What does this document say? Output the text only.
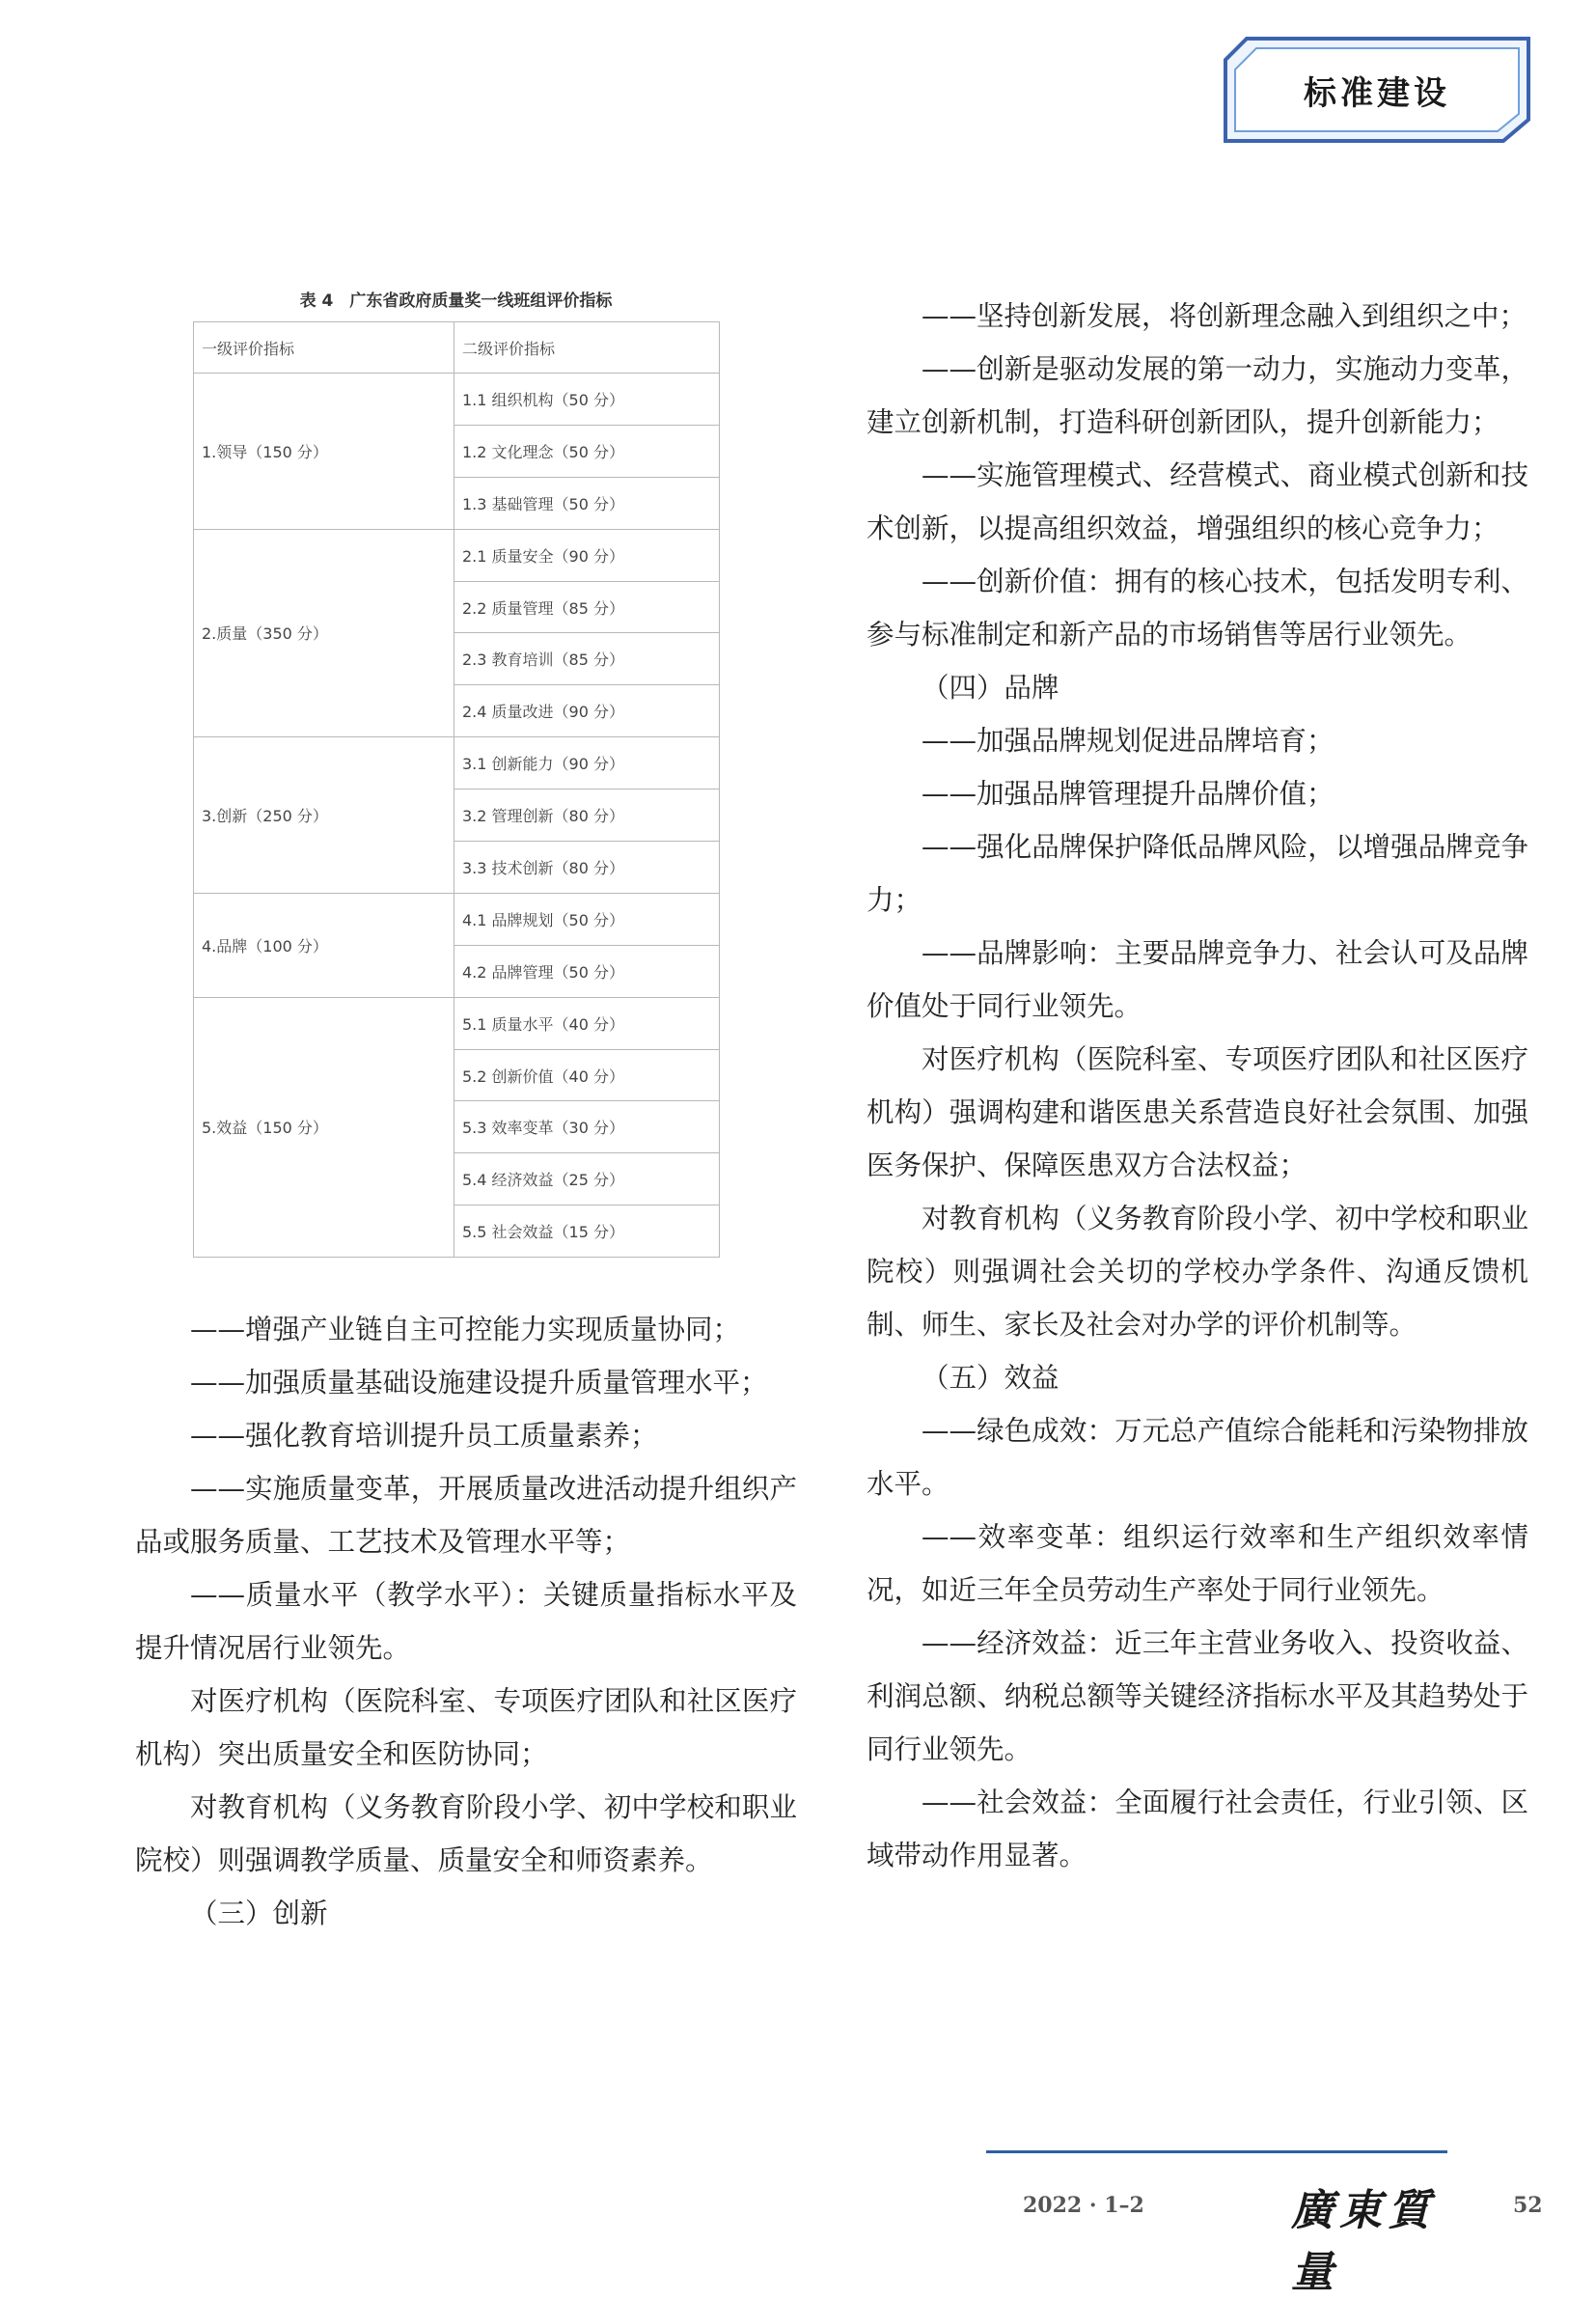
标准建设
表 4　广东省政府质量奖一线班组评价指标
一级评价指标	二级评价指标
1.领导（150 分）	1.1 组织机构（50 分）
	1.2 文化理念（50 分）
	1.3 基础管理（50 分）
2.质量（350 分）	2.1 质量安全（90 分）
	2.2 质量管理（85 分）
	2.3 教育培训（85 分）
	2.4 质量改进（90 分）
3.创新（250 分）	3.1 创新能力（90 分）
	3.2 管理创新（80 分）
	3.3 技术创新（80 分）
4.品牌（100 分）	4.1 品牌规划（50 分）
	4.2 品牌管理（50 分）
5.效益（150 分）	5.1 质量水平（40 分）
	5.2 创新价值（40 分）
	5.3 效率变革（30 分）
	5.4 经济效益（25 分）
	5.5 社会效益（15 分）

——增强产业链自主可控能力实现质量协同；

——加强质量基础设施建设提升质量管理水平；

——强化教育培训提升员工质量素养；

——实施质量变革，开展质量改进活动提升组织产品或服务质量、工艺技术及管理水平等；

——质量水平（教学水平）：关键质量指标水平及提升情况居行业领先。

对医疗机构（医院科室、专项医疗团队和社区医疗机构）突出质量安全和医防协同；

对教育机构（义务教育阶段小学、初中学校和职业院校）则强调教学质量、质量安全和师资素养。

（三）创新

——坚持创新发展，将创新理念融入到组织之中；

——创新是驱动发展的第一动力，实施动力变革，建立创新机制，打造科研创新团队，提升创新能力；

——实施管理模式、经营模式、商业模式创新和技术创新，以提高组织效益，增强组织的核心竞争力；

——创新价值：拥有的核心技术，包括发明专利、参与标准制定和新产品的市场销售等居行业领先。

（四）品牌

——加强品牌规划促进品牌培育；

——加强品牌管理提升品牌价值；

——强化品牌保护降低品牌风险，以增强品牌竞争力；

——品牌影响：主要品牌竞争力、社会认可及品牌价值处于同行业领先。

对医疗机构（医院科室、专项医疗团队和社区医疗机构）强调构建和谐医患关系营造良好社会氛围、加强医务保护、保障医患双方合法权益；

对教育机构（义务教育阶段小学、初中学校和职业院校）则强调社会关切的学校办学条件、沟通反馈机制、师生、家长及社会对办学的评价机制等。

（五）效益

——绿色成效：万元总产值综合能耗和污染物排放水平。

——效率变革：组织运行效率和生产组织效率情况，如近三年全员劳动生产率处于同行业领先。

——经济效益：近三年主营业务收入、投资收益、利润总额、纳税总额等关键经济指标水平及其趋势处于同行业领先。

——社会效益：全面履行社会责任，行业引领、区域带动作用显著。

2022 · 1–2	廣東質量
52
